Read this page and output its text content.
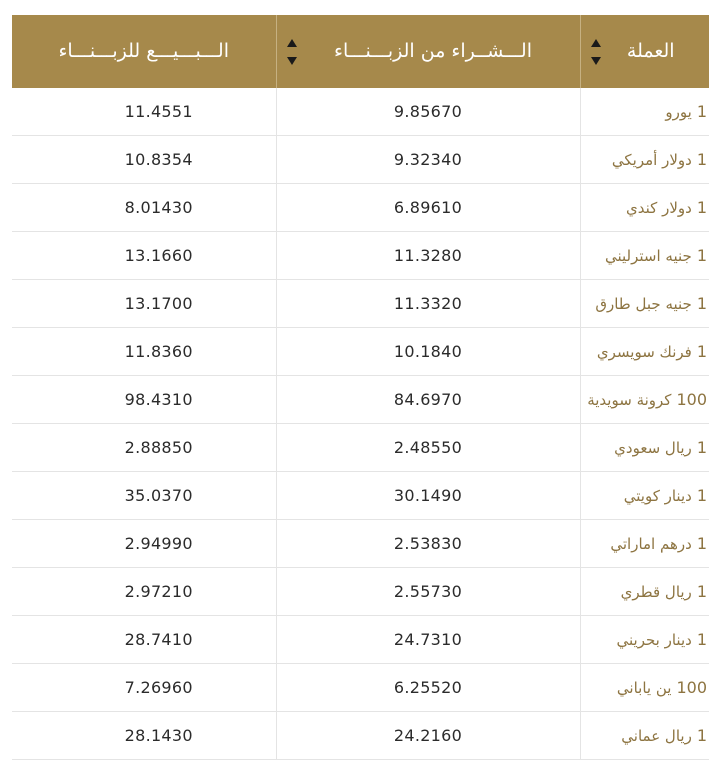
العملة	الـــشــراء من الزبـــنـــاء	الـــبـــيـــع للزبـــنـــاء
1يورو	9.85670	11.4551
1دولار أمريكي	9.32340	10.8354
1دولار كندي	6.89610	8.01430
1جنيه استرليني	11.3280	13.1660
1جنيه جبل طارق	11.3320	13.1700
1فرنك سويسري	10.1840	11.8360
100كرونة سويدية	84.6970	98.4310
1ريال سعودي	2.48550	2.88850
1دينار كويتي	30.1490	35.0370
1درهم اماراتي	2.53830	2.94990
1ريال قطري	2.55730	2.97210
1دينار بحريني	24.7310	28.7410
100ين ياباني	6.25520	7.26960
1ريال عماني	24.2160	28.1430
